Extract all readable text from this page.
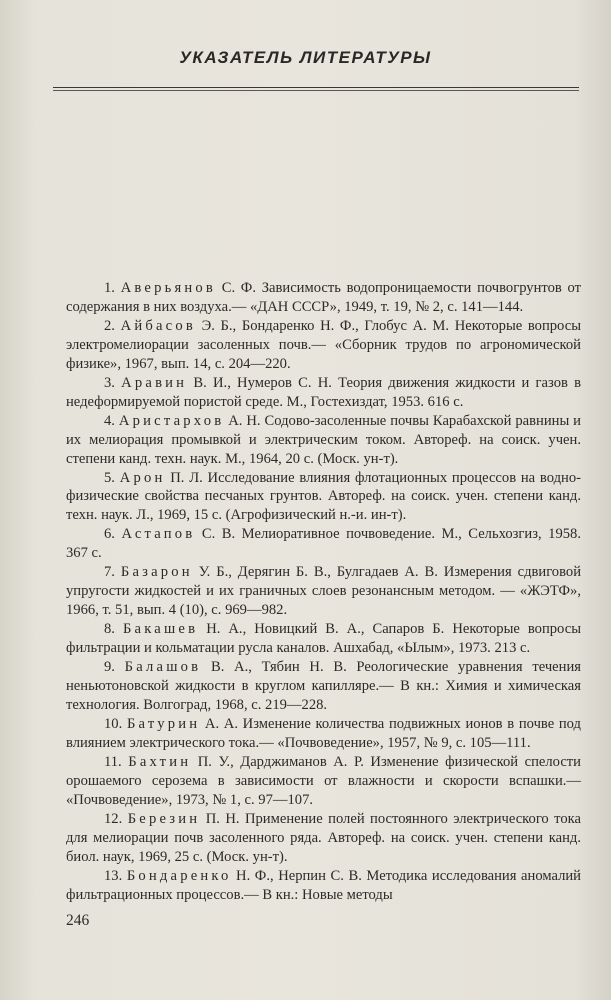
УКАЗАТЕЛЬ ЛИТЕРАТУРЫ
1. Аверьянов С. Ф. Зависимость водопроницаемости почвогрунтов от содержания в них воздуха.— «ДАН СССР», 1949, т. 19, № 2, с. 141—144.
2. Айбасов Э. Б., Бондаренко Н. Ф., Глобус А. М. Некоторые вопросы электромелиорации засоленных почв.— «Сборник трудов по агрономической физике», 1967, вып. 14, с. 204—220.
3. Аравин В. И., Нумеров С. Н. Теория движения жидкости и газов в недеформируемой пористой среде. М., Гостехиздат, 1953. 616 с.
4. Аристархов А. Н. Содово-засоленные почвы Карабахской равнины и их мелиорация промывкой и электрическим током. Автореф. на соиск. учен. степени канд. техн. наук. М., 1964, 20 с. (Моск. ун-т).
5. Арон П. Л. Исследование влияния флотационных процессов на водно-физические свойства песчаных грунтов. Автореф. на соиск. учен. степени канд. техн. наук. Л., 1969, 15 с. (Агрофизический н.-и. ин-т).
6. Астапов С. В. Мелиоративное почвоведение. М., Сельхозгиз, 1958. 367 с.
7. Базарон У. Б., Дерягин Б. В., Булгадаев А. В. Измерения сдвиговой упругости жидкостей и их граничных слоев резонансным методом. — «ЖЭТФ», 1966, т. 51, вып. 4 (10), с. 969—982.
8. Бакашев Н. А., Новицкий В. А., Сапаров Б. Некоторые вопросы фильтрации и кольматации русла каналов. Ашхабад, «Ылым», 1973. 213 с.
9. Балашов В. А., Тябин Н. В. Реологические уравнения течения неньютоновской жидкости в круглом капилляре.— В кн.: Химия и химическая технология. Волгоград, 1968, с. 219—228.
10. Батурин А. А. Изменение количества подвижных ионов в почве под влиянием электрического тока.— «Почвоведение», 1957, № 9, с. 105—111.
11. Бахтин П. У., Дарджиманов А. Р. Изменение физической спелости орошаемого серозема в зависимости от влажности и скорости вспашки.— «Почвоведение», 1973, № 1, с. 97—107.
12. Березин П. Н. Применение полей постоянного электрического тока для мелиорации почв засоленного ряда. Автореф. на соиск. учен. степени канд. биол. наук, 1969, 25 с. (Моск. ун-т).
13. Бондаренко Н. Ф., Нерпин С. В. Методика исследования аномалий фильтрационных процессов.— В кн.: Новые методы
246
